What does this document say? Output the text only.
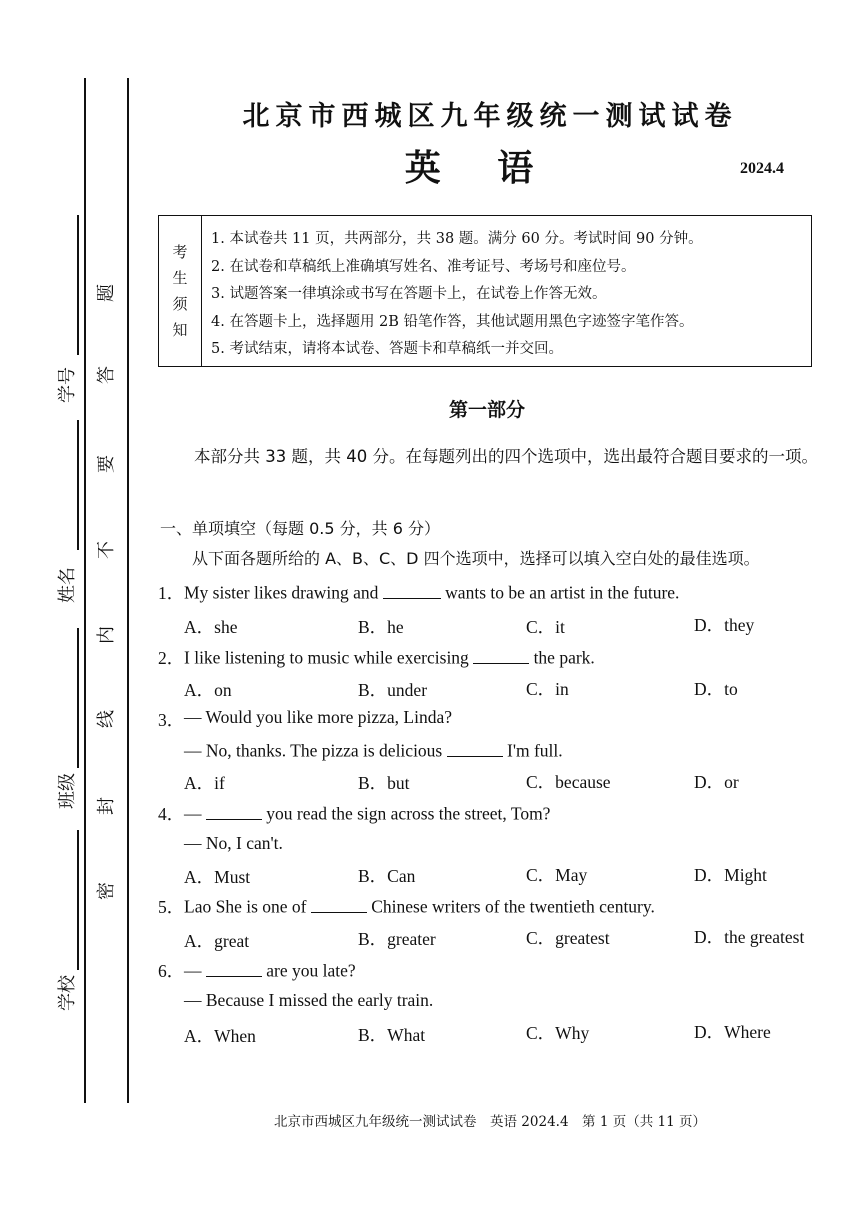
学号
姓名
班级
学校
题
答
要
不
内
线
封
密
北京市西城区九年级统一测试试卷
英 语	2024.4
考
生
须
知
1. 本试卷共 11 页，共两部分，共 38 题。满分 60 分。考试时间 90 分钟。
2. 在试卷和草稿纸上准确填写姓名、准考证号、考场号和座位号。
3. 试题答案一律填涂或书写在答题卡上，在试卷上作答无效。
4. 在答题卡上，选择题用 2B 铅笔作答，其他试题用黑色字迹签字笔作答。
5. 考试结束，请将本试卷、答题卡和草稿纸一并交回。
第一部分
本部分共 33 题，共 40 分。在每题列出的四个选项中，选出最符合题目要求的一项。
一、单项填空（每题 0.5 分，共 6 分）
从下面各题所给的 A、B、C、D 四个选项中，选择可以填入空白处的最佳选项。
1． My sister likes drawing and	wants to be an artist in the future.
A．she	B．he	C．it	D．they
2． I like listening to music while exercising	the park.
A．on	B．under	C．in	D．to
3． — Would you like more pizza, Linda?
— No, thanks. The pizza is delicious	I'm full.
A．if	B．but	C．because	D．or
4． —	you read the sign across the street, Tom?
— No, I can't.
A．Must	B．Can	C．May	D．Might
5． Lao She is one of	Chinese writers of the twentieth century.
A．great	B．greater	C．greatest	D．the greatest
6． —	are you late?
— Because I missed the early train.
A．When	B．What	C．Why	D．Where
北京市西城区九年级统一测试试卷　英语 2024.4　第 1 页（共 11 页）
